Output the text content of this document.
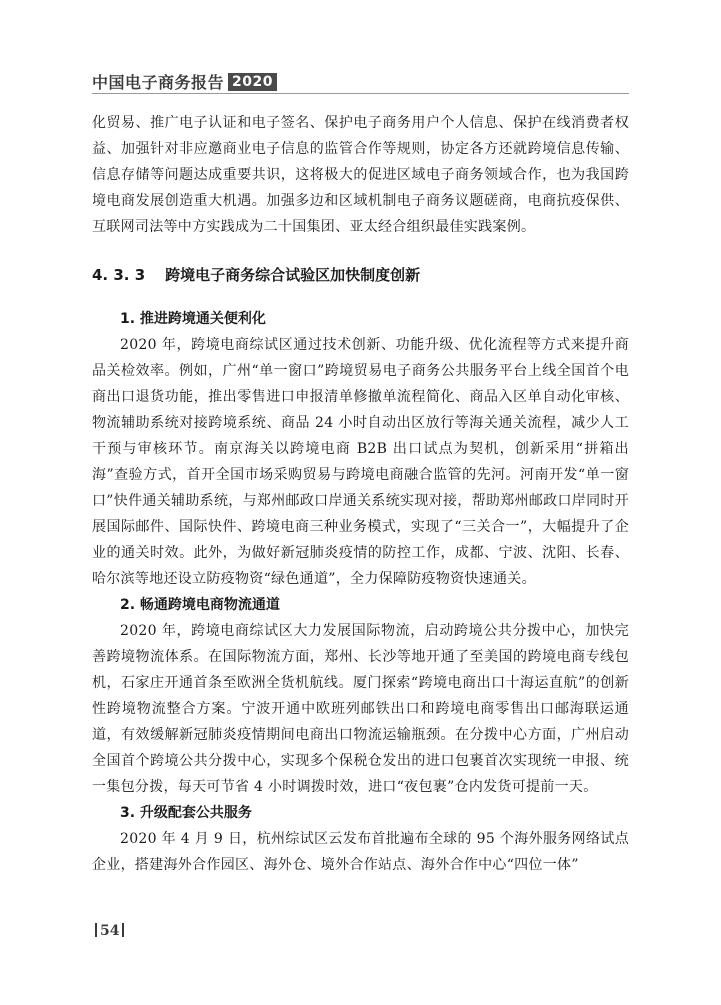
中国电子商务报告 2020

化贸易、推广电子认证和电子签名、保护电子商务用户个人信息、保护在线消费者权益、加强针对非应邀商业电子信息的监管合作等规则，协定各方还就跨境信息传输、信息存储等问题达成重要共识，这将极大的促进区域电子商务领域合作，也为我国跨境电商发展创造重大机遇。加强多边和区域机制电子商务议题磋商，电商抗疫保供、互联网司法等中方实践成为二十国集团、亚太经合组织最佳实践案例。

4. 3. 3 跨境电子商务综合试验区加快制度创新
1. 推进跨境通关便利化

2020 年，跨境电商综试区通过技术创新、功能升级、优化流程等方式来提升商品关检效率。例如，广州“单一窗口”跨境贸易电子商务公共服务平台上线全国首个电商出口退货功能，推出零售进口申报清单修撤单流程简化、商品入区单自动化审核、物流辅助系统对接跨境系统、商品 24 小时自动出区放行等海关通关流程，减少人工干预与审核环节。南京海关以跨境电商 B2B 出口试点为契机，创新采用“拼箱出海”查验方式，首开全国市场采购贸易与跨境电商融合监管的先河。河南开发“单一窗口”快件通关辅助系统，与郑州邮政口岸通关系统实现对接，帮助郑州邮政口岸同时开展国际邮件、国际快件、跨境电商三种业务模式，实现了“三关合一”，大幅提升了企业的通关时效。此外，为做好新冠肺炎疫情的防控工作，成都、宁波、沈阳、长春、哈尔滨等地还设立防疫物资“绿色通道”，全力保障防疫物资快速通关。

2. 畅通跨境电商物流通道

2020 年，跨境电商综试区大力发展国际物流，启动跨境公共分拨中心，加快完善跨境物流体系。在国际物流方面，郑州、长沙等地开通了至美国的跨境电商专线包机，石家庄开通首条至欧洲全货机航线。厦门探索“跨境电商出口十海运直航”的创新性跨境物流整合方案。宁波开通中欧班列邮铁出口和跨境电商零售出口邮海联运通道，有效缓解新冠肺炎疫情期间电商出口物流运输瓶颈。在分拨中心方面，广州启动全国首个跨境公共分拨中心，实现多个保税仓发出的进口包裹首次实现统一申报、统一集包分拨，每天可节省 4 小时调拨时效，进口“夜包裹”仓内发货可提前一天。

3. 升级配套公共服务

2020 年 4 月 9 日，杭州综试区云发布首批遍布全球的 95 个海外服务网络试点企业，搭建海外合作园区、海外仓、境外合作站点、海外合作中心“四位一体”

54
